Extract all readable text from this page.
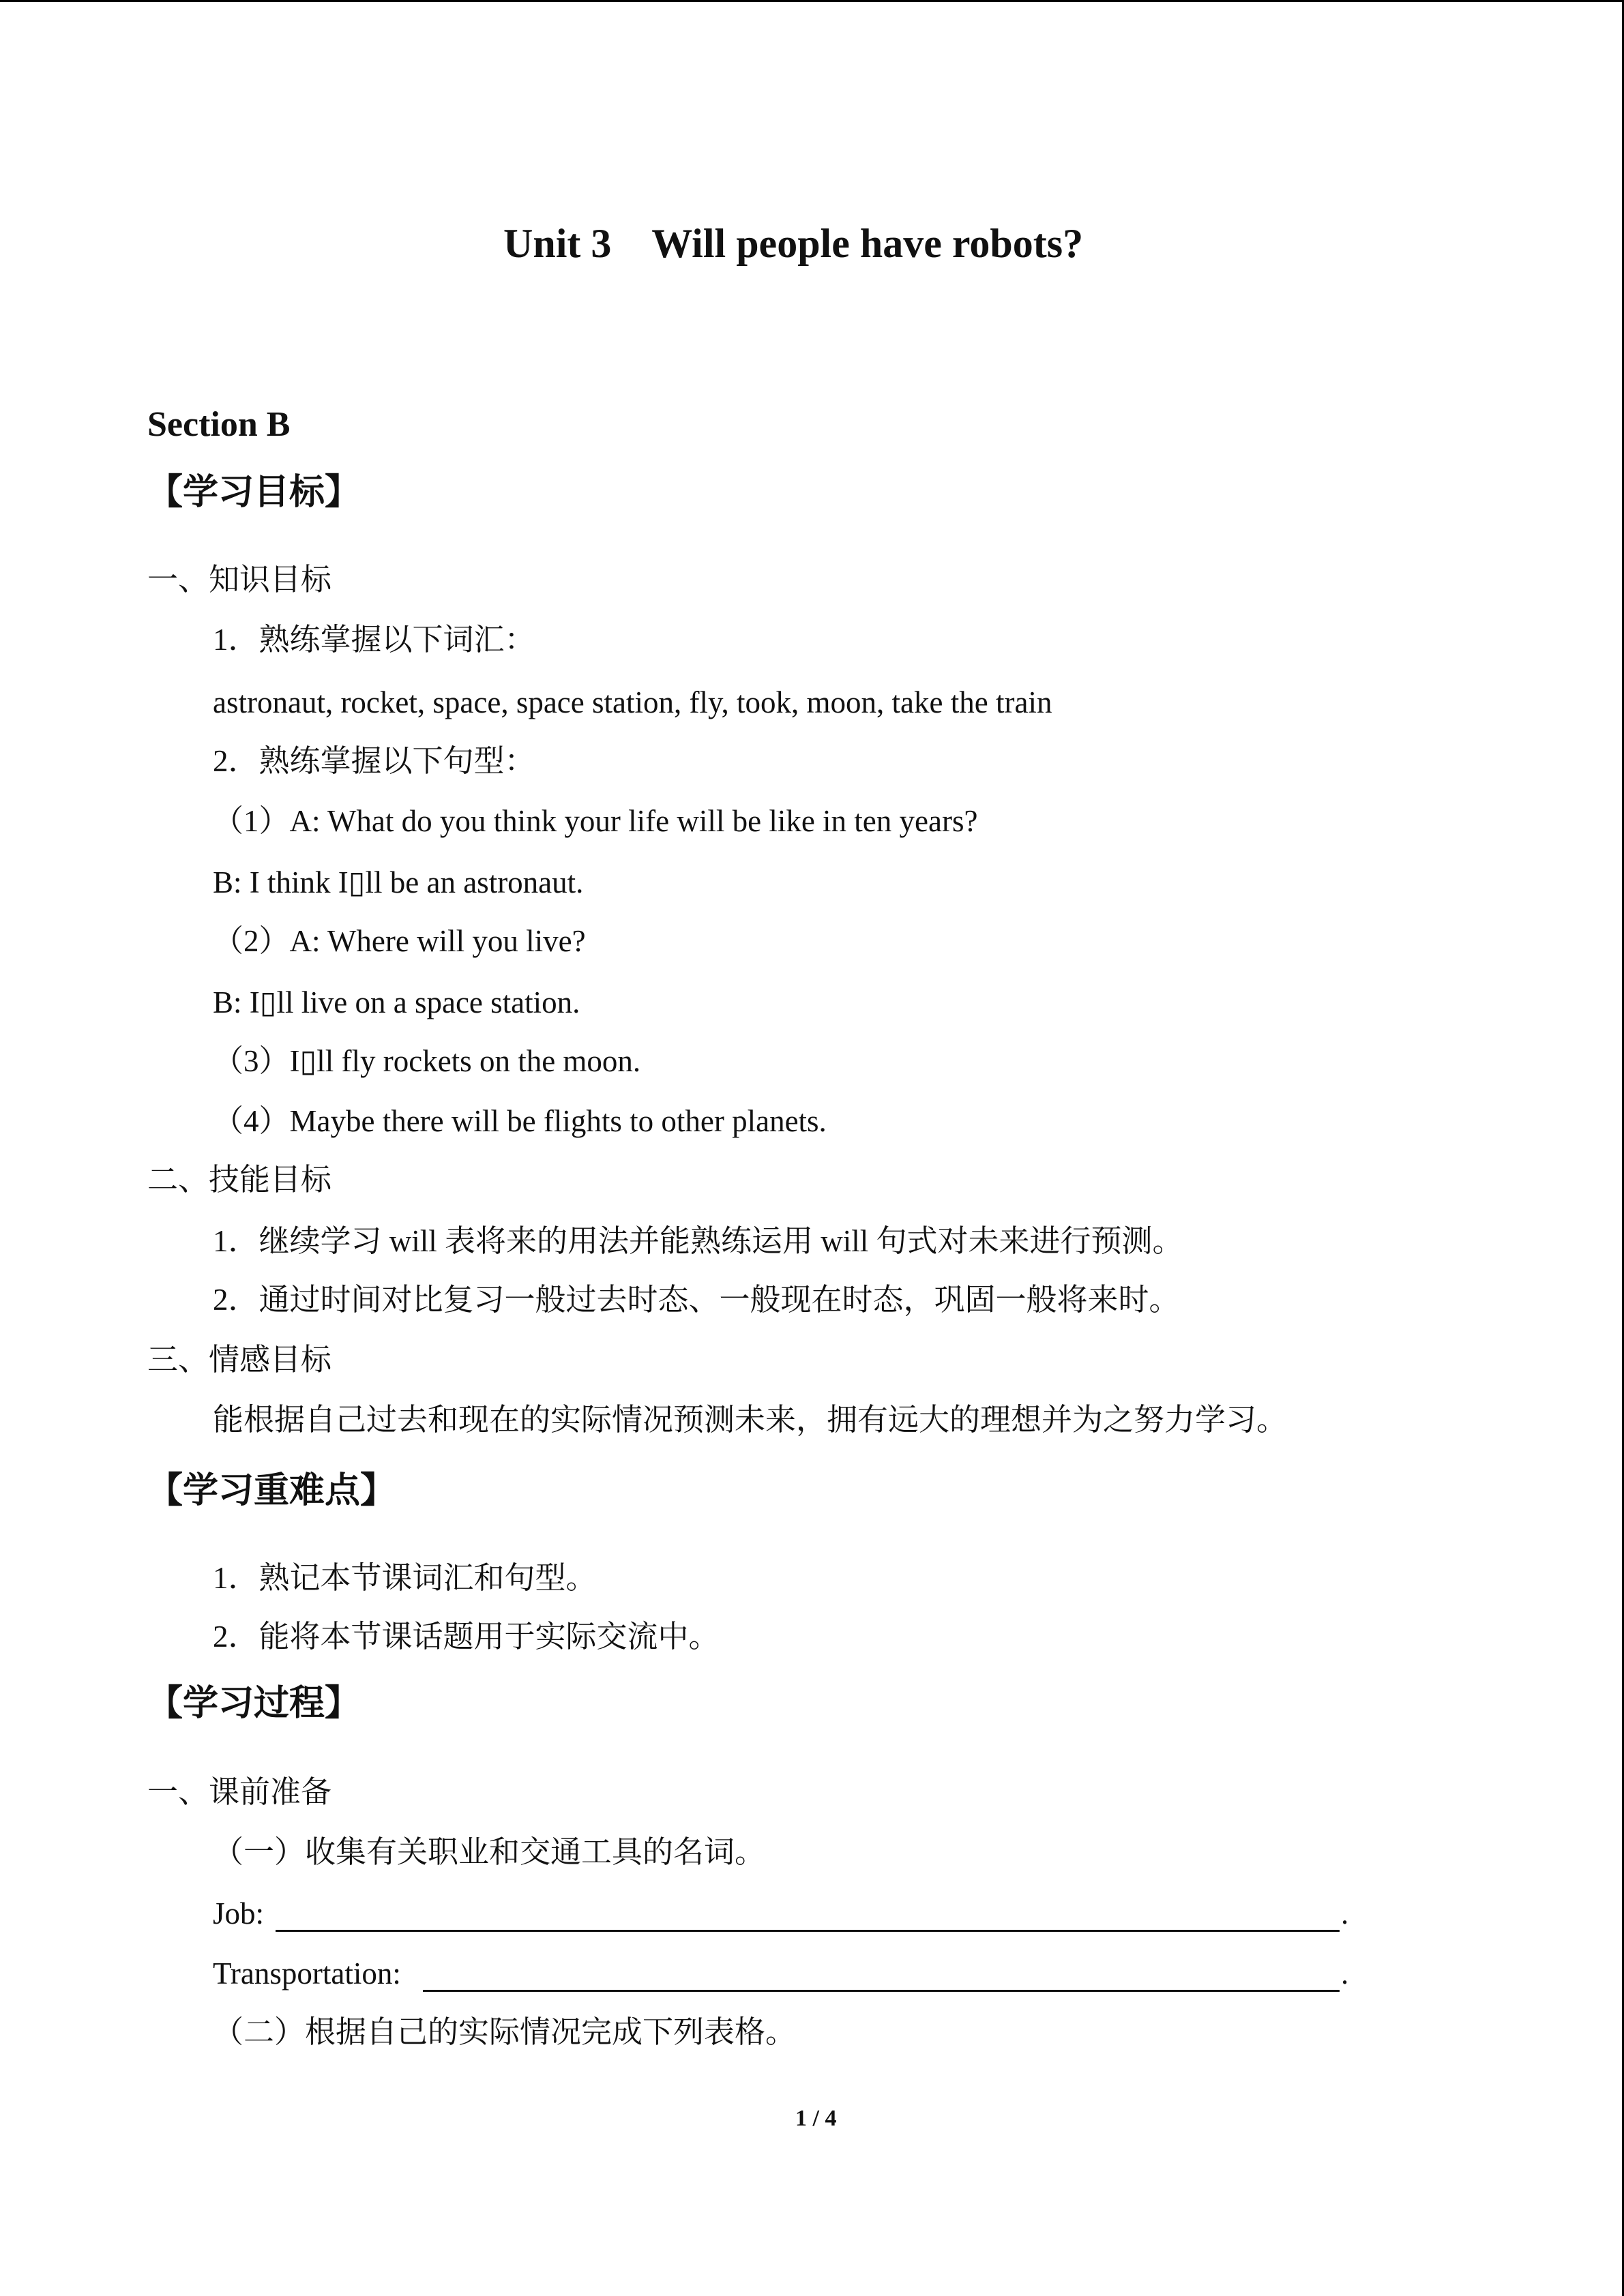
Unit 3    Will people have robots?
Section B
【学习目标】
一、知识目标
1．熟练掌握以下词汇：
astronaut, rocket, space, space station, fly, took, moon, take the train
2．熟练掌握以下句型：
（1）A: What do you think your life will be like in ten years?
B: I think I▯ll be an astronaut.
（2）A: Where will you live?
B: I▯ll live on a space station.
（3）I▯ll fly rockets on the moon.
（4）Maybe there will be flights to other planets.
二、技能目标
1．继续学习 will 表将来的用法并能熟练运用 will 句式对未来进行预测。
2．通过时间对比复习一般过去时态、一般现在时态，巩固一般将来时。
三、情感目标
能根据自己过去和现在的实际情况预测未来，拥有远大的理想并为之努力学习。
【学习重难点】
1．熟记本节课词汇和句型。
2．能将本节课话题用于实际交流中。
【学习过程】
一、课前准备
（一）收集有关职业和交通工具的名词。
Job:	.
Transportation:	.
（二）根据自己的实际情况完成下列表格。
1 / 4
